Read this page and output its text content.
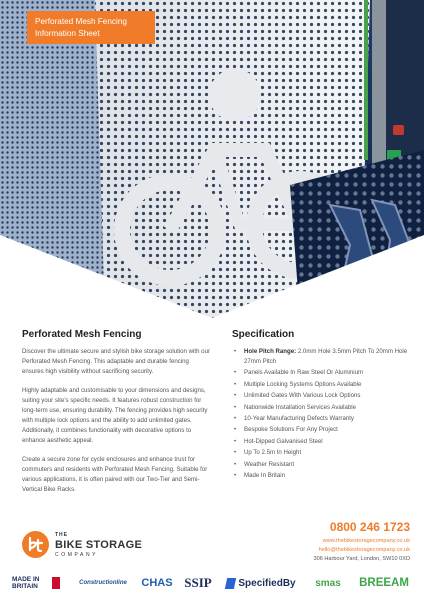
Perforated Mesh Fencing
Information Sheet
Perforated Mesh Fencing

Discover the ultimate secure and stylish bike storage solution with our Perforated Mesh Fencing. This adaptable and durable fencing ensures high visibility without sacrificing security.

Highly adaptable and customisable to your dimensions and designs, suiting your site's specific needs. It features robust construction for long-term use, ensuring durability. The fencing provides high security with multiple lock options and the ability to add unlimited gates. Additionally, it combines functionality with decorative options to enhance aesthetic appeal.

Create a secure zone for cycle enclosures and enhance trust for commuters and residents with Perforated Mesh Fencing. Suitable for various applications, it is often paired with our Two-Tier and Semi-Vertical Bike Racks.

Specification
• Hole Pitch Range: 2.0mm Hole 3.5mm Pitch To 20mm Hole 27mm Pitch
• Panels Available In Raw Steel Or Aluminium
• Multiple Locking Systems Options Available
• Unlimited Gates With Various Lock Options
• Nationwide Installation Services Available
• 10-Year Manufacturing Defects Warranty
• Bespoke Solutions For Any Project
• Hot-Dipped Galvanised Steel
• Up To 2.5m In Height
• Weather Resistant
• Made In Britain
THE
BIKE STORAGE
COMPANY
0800 246 1723
www.thebikestoragecompany.co.uk
hello@thebikestoragecompany.co.uk
306 Harbour Yard, London, SW10 0XD
MADE IN BRITAIN	Constructionline CHAS SSIP	SpecifiedBy smas BREEAM
